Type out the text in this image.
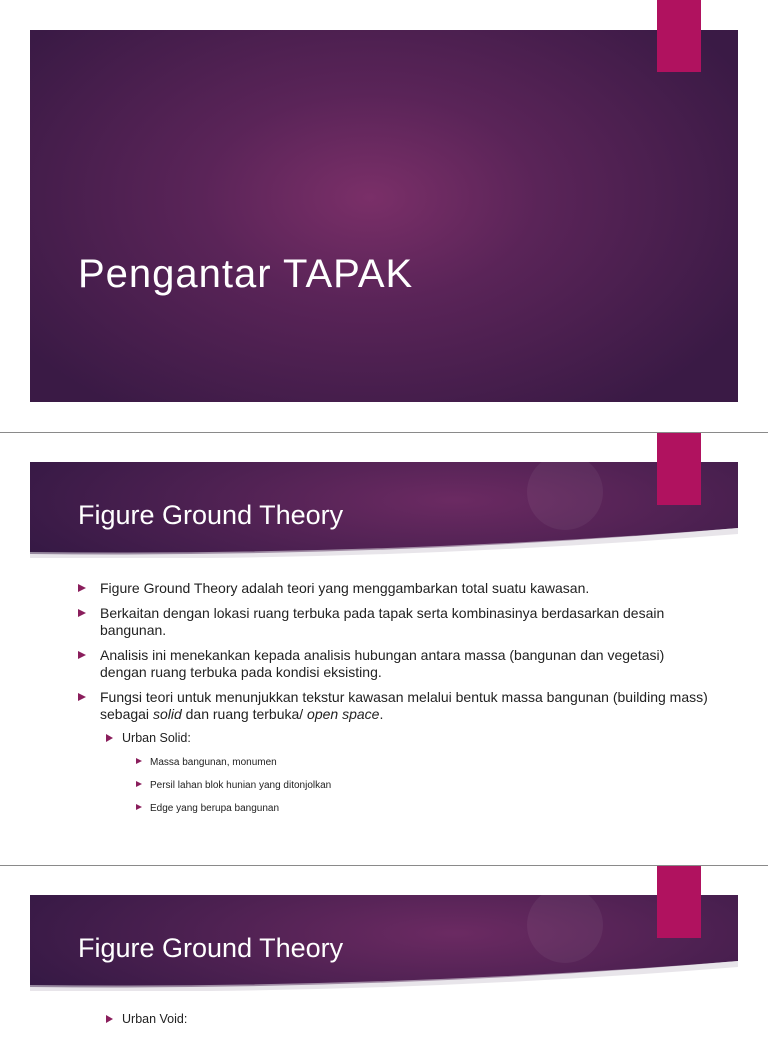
Pengantar TAPAK
Figure Ground Theory
Figure Ground Theory adalah teori yang menggambarkan total suatu kawasan.
Berkaitan dengan lokasi ruang terbuka pada tapak serta kombinasinya berdasarkan desain bangunan.
Analisis ini menekankan kepada analisis hubungan antara massa (bangunan dan vegetasi) dengan ruang terbuka pada kondisi eksisting.
Fungsi teori untuk menunjukkan tekstur kawasan melalui bentuk massa bangunan (building mass) sebagai solid dan ruang terbuka/ open space.
Urban Solid:
Massa bangunan, monumen
Persil lahan blok hunian yang ditonjolkan
Edge yang berupa bangunan
Figure Ground Theory
Urban Void:
